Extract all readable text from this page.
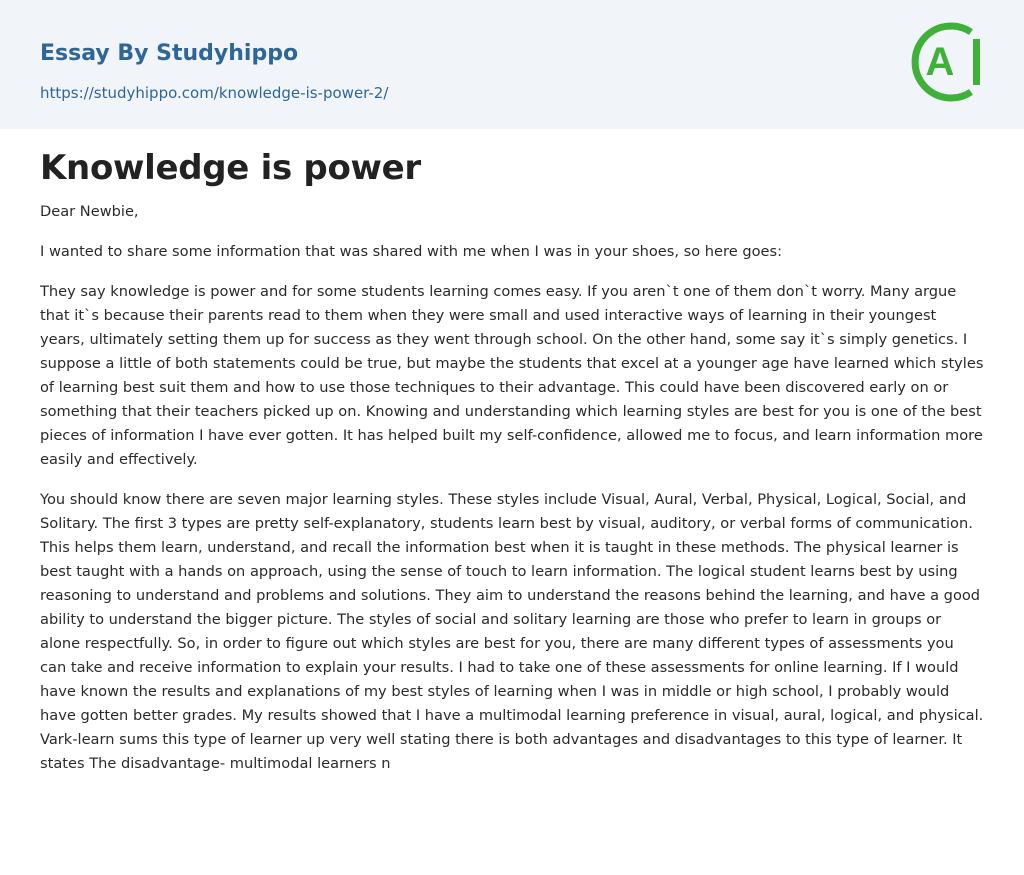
Essay By Studyhippo
https://studyhippo.com/knowledge-is-power-2/
A
Knowledge is power

Dear Newbie,

I wanted to share some information that was shared with me when I was in your shoes, so here goes:

They say knowledge is power and for some students learning comes easy. If you aren`t one of them don`t worry. Many argue that it`s because their parents read to them when they were small and used interactive ways of learning in their youngest years, ultimately setting them up for success as they went through school. On the other hand, some say it`s simply genetics. I suppose a little of both statements could be true, but maybe the students that excel at a younger age have learned which styles of learning best suit them and how to use those techniques to their advantage. This could have been discovered early on or something that their teachers picked up on. Knowing and understanding which learning styles are best for you is one of the best pieces of information I have ever gotten. It has helped built my self-confidence, allowed me to focus, and learn information more easily and effectively.

You should know there are seven major learning styles. These styles include Visual, Aural, Verbal, Physical, Logical, Social, and Solitary. The first 3 types are pretty self-explanatory, students learn best by visual, auditory, or verbal forms of communication. This helps them learn, understand, and recall the information best when it is taught in these methods. The physical learner is best taught with a hands on approach, using the sense of touch to learn information. The logical student learns best by using reasoning to understand and problems and solutions. They aim to understand the reasons behind the learning, and have a good ability to understand the bigger picture. The styles of social and solitary learning are those who prefer to learn in groups or alone respectfully. So, in order to figure out which styles are best for you, there are many different types of assessments you can take and receive information to explain your results. I had to take one of these assessments for online learning. If I would have known the results and explanations of my best styles of learning when I was in middle or high school, I probably would have gotten better grades. My results showed that I have a multimodal learning preference in visual, aural, logical, and physical. Vark-learn sums this type of learner up very well stating there is both advantages and disadvantages to this type of learner. It states The disadvantage- multimodal learners n
